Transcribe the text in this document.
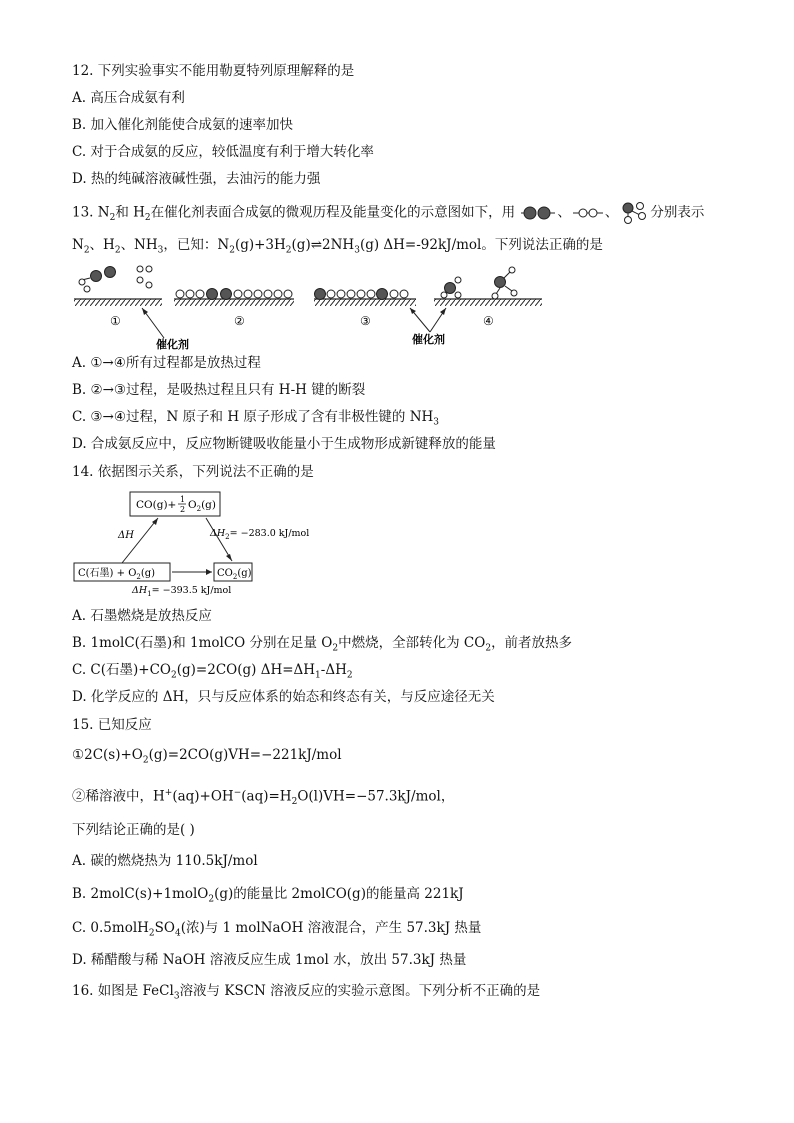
12. 下列实验事实不能用勒夏特列原理解释的是
A. 高压合成氨有利
B. 加入催化剂能使合成氨的速率加快
C. 对于合成氨的反应，较低温度有利于增大转化率
D. 热的纯碱溶液碱性强，去油污的能力强
13. $N_2$和 $H_2$在催化剂表面合成氨的微观历程及能量变化的示意图如下，用	、	、 分别表示
$N_2$、$H_2$、$NH_3$，已知：$N_2(g)+3H_2(g)\rightleftharpoons 2NH_3(g)$ ΔH=-92kJ/mol。下列说法正确的是
①	②	③	④
催化剂	催化剂
A. ①→④所有过程都是放热过程
B. ②→③过程，是吸热过程且只有 H-H 键的断裂
C. ③→④过程，N 原子和 H 原子形成了含有非极性键的 $NH_3$
D. 合成氨反应中，反应物断键吸收能量小于生成物形成新键释放的能量
14. 依据图示关系，下列说法不正确的是
CO(g)+ 1
2 $O_2(g)$
C(石墨) + $O_2(g)$	$CO_2(g)$
ΔH	$\Delta H_2= -283.0$ kJ/mol
$\Delta H_1= -393.5$ kJ/mol
A. 石墨燃烧是放热反应
B. 1molC(石墨)和 1molCO 分别在足量 $O_2$中燃烧，全部转化为 $CO_2$，前者放热多
C. C(石墨)$+CO_2(g)=2CO(g)$ $\Delta H=\Delta H_1-\Delta H_2$
D. 化学反应的 ΔH，只与反应体系的始态和终态有关，与反应途径无关
15. 已知反应
$①2C(s)+O_2(g)=2CO(g)VH=-221kJ$/mol
②稀溶液中，$H^+(aq)+OH^-(aq)=H_2O(l)VH=-57.3kJ$/mol，
下列结论正确的是( )
A. 碳的燃烧热为 110.5kJ/mol
B. 2molC(s)+1molO$_2$(g)的能量比 2molCO(g)的能量高 221kJ
C. $0.5molH_2SO_4$(浓)与 1 molNaOH 溶液混合，产生 57.3kJ 热量
D. 稀醋酸与稀 NaOH 溶液反应生成 1mol 水，放出 57.3kJ 热量
16. 如图是 FeCl$_3$溶液与 KSCN 溶液反应的实验示意图。下列分析不正确的是
